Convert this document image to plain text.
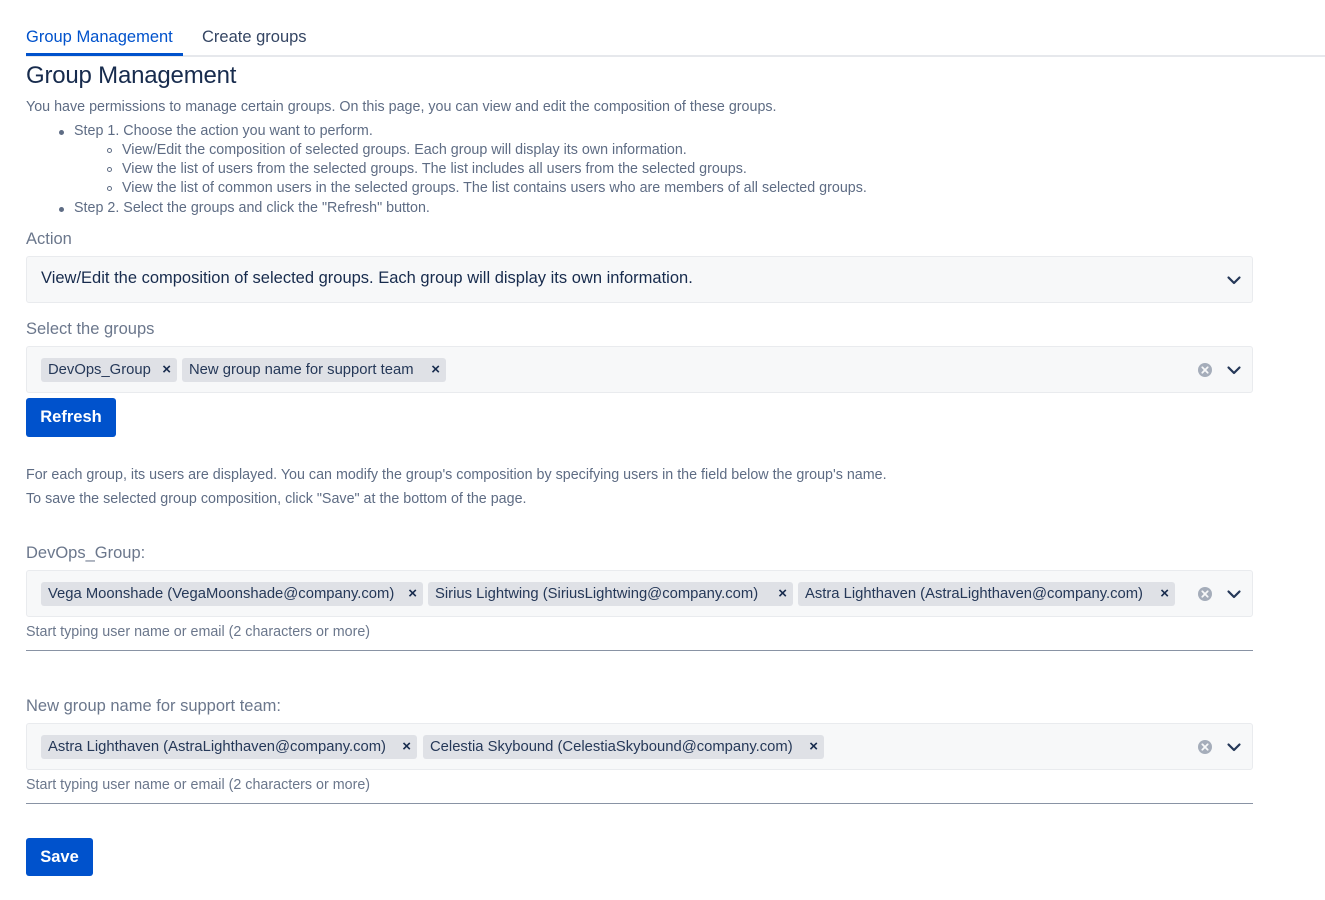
Group Management Create groups
Group Management
You have permissions to manage certain groups. On this page, you can view and edit the composition of these groups.
Step 1. Choose the action you want to perform.
View/Edit the composition of selected groups. Each group will display its own information.
View the list of users from the selected groups. The list includes all users from the selected groups.
View the list of common users in the selected groups. The list contains users who are members of all selected groups.
Step 2. Select the groups and click the "Refresh" button.
Action
View/Edit the composition of selected groups. Each group will display its own information.
Select the groups
DevOps_Group ×	New group name for support team ×
Refresh
For each group, its users are displayed. You can modify the group's composition by specifying users in the field below the group's name.
To save the selected group composition, click "Save" at the bottom of the page.
DevOps_Group:
Vega Moonshade (VegaMoonshade@company.com) ×	Sirius Lightwing (SiriusLightwing@company.com) ×	Astra Lighthaven (AstraLighthaven@company.com) ×
Start typing user name or email (2 characters or more)
New group name for support team:
Astra Lighthaven (AstraLighthaven@company.com) ×	Celestia Skybound (CelestiaSkybound@company.com) ×
Start typing user name or email (2 characters or more)
Save
